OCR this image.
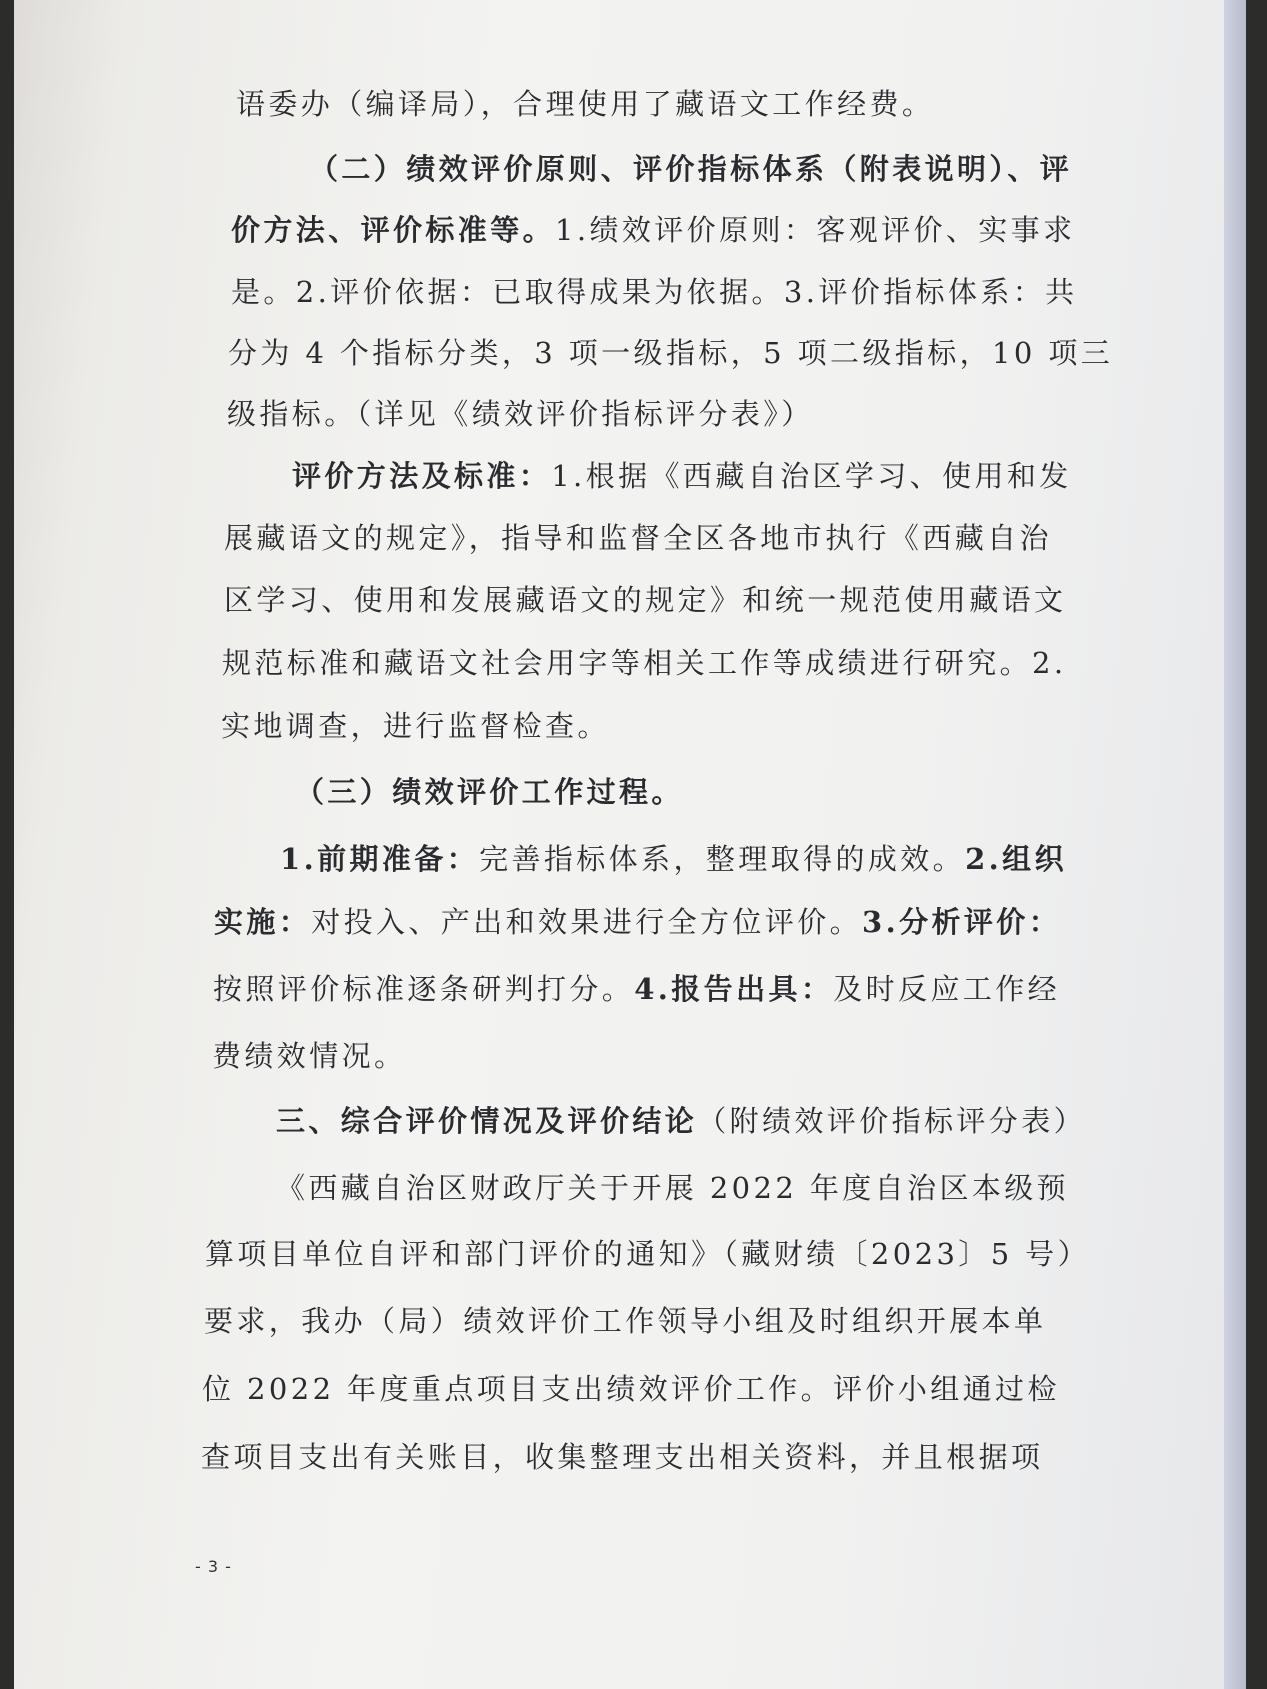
语委办（编译局），合理使用了藏语文工作经费。

（二）绩效评价原则、评价指标体系（附表说明）、评

价方法、评价标准等。1.绩效评价原则：客观评价、实事求

是。2.评价依据：已取得成果为依据。3.评价指标体系：共

分为 4 个指标分类，3 项一级指标，5 项二级指标，10 项三

级指标。（详见《绩效评价指标评分表》）

评价方法及标准：1.根据《西藏自治区学习、使用和发

展藏语文的规定》，指导和监督全区各地市执行《西藏自治

区学习、使用和发展藏语文的规定》和统一规范使用藏语文

规范标准和藏语文社会用字等相关工作等成绩进行研究。2.

实地调查，进行监督检查。

（三）绩效评价工作过程。

1.前期准备：完善指标体系，整理取得的成效。2.组织

实施：对投入、产出和效果进行全方位评价。3.分析评价：

按照评价标准逐条研判打分。4.报告出具：及时反应工作经

费绩效情况。

三、综合评价情况及评价结论（附绩效评价指标评分表）

《西藏自治区财政厅关于开展 2022 年度自治区本级预

算项目单位自评和部门评价的通知》（藏财绩〔2023〕5 号）

要求，我办（局）绩效评价工作领导小组及时组织开展本单

位 2022 年度重点项目支出绩效评价工作。评价小组通过检

查项目支出有关账目，收集整理支出相关资料，并且根据项

- 3 -
